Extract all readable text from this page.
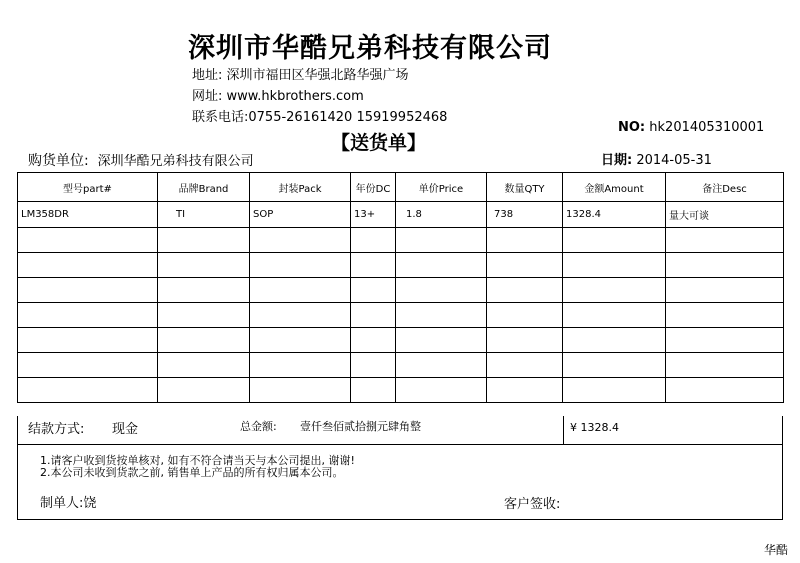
深圳市华酷兄弟科技有限公司
地址: 深圳市福田区华强北路华强广场
网址: www.hkbrothers.com
联系电话:0755-26161420 15919952468
【送货单】
NO: hk201405310001
购货单位: 深圳华酷兄弟科技有限公司	日期: 2014-05-31
型号part#	品牌Brand	封装Pack	年份DC	单价Price	数量QTY	金额Amount	备注Desc
LM358DR	TI	SOP	13+	1.8	738	1328.4	量大可谈

结款方式: 现金	总金额: 壹仟叁佰贰拾捌元肆角整	¥ 1328.4
1.请客户收到货按单核对, 如有不符合请当天与本公司提出, 谢谢!
2.本公司未收到货款之前, 销售单上产品的所有权归属本公司。
制单人:饶	客户签收:
华酷
